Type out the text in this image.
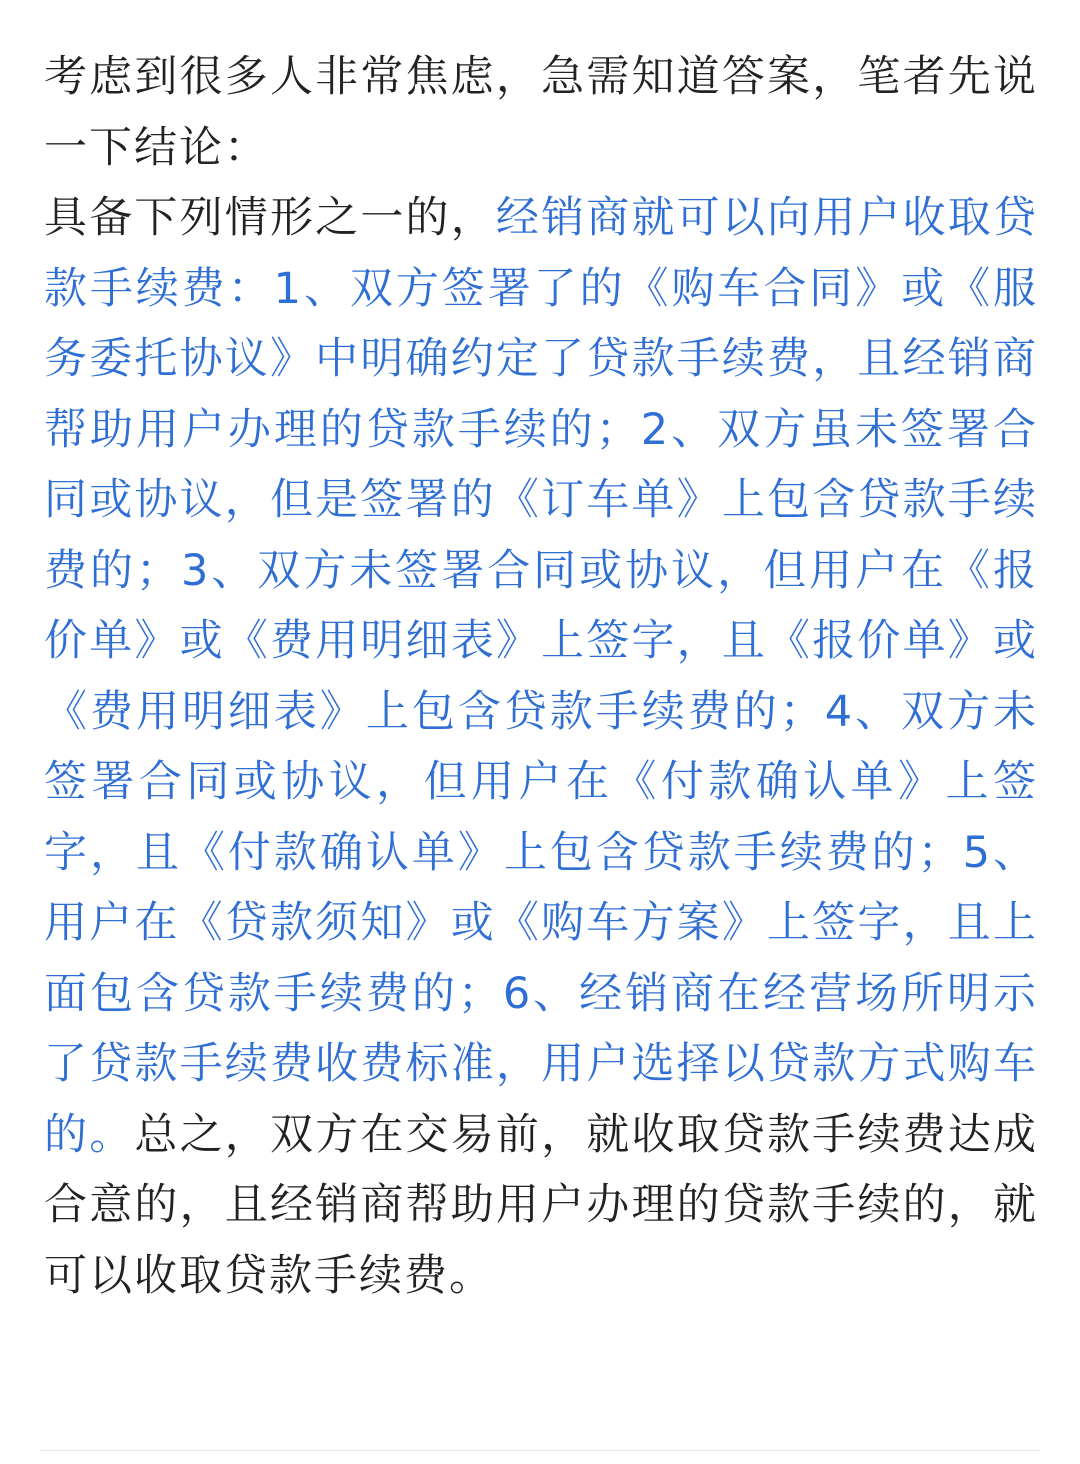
考虑到很多人非常焦虑，急需知道答案，笔者先说一下结论：

具备下列情形之一的，经销商就可以向用户收取贷款手续费：1、双方签署了的《购车合同》或《服务委托协议》中明确约定了贷款手续费，且经销商帮助用户办理的贷款手续的；2、双方虽未签署合同或协议，但是签署的《订车单》上包含贷款手续费的；3、双方未签署合同或协议，但用户在《报价单》或《费用明细表》上签字，且《报价单》或《费用明细表》上包含贷款手续费的；4、双方未签署合同或协议，但用户在《付款确认单》上签字，且《付款确认单》上包含贷款手续费的；5、用户在《贷款须知》或《购车方案》上签字，且上面包含贷款手续费的；6、经销商在经营场所明示了贷款手续费收费标准，用户选择以贷款方式购车的。总之，双方在交易前，就收取贷款手续费达成合意的，且经销商帮助用户办理的贷款手续的，就可以收取贷款手续费。
